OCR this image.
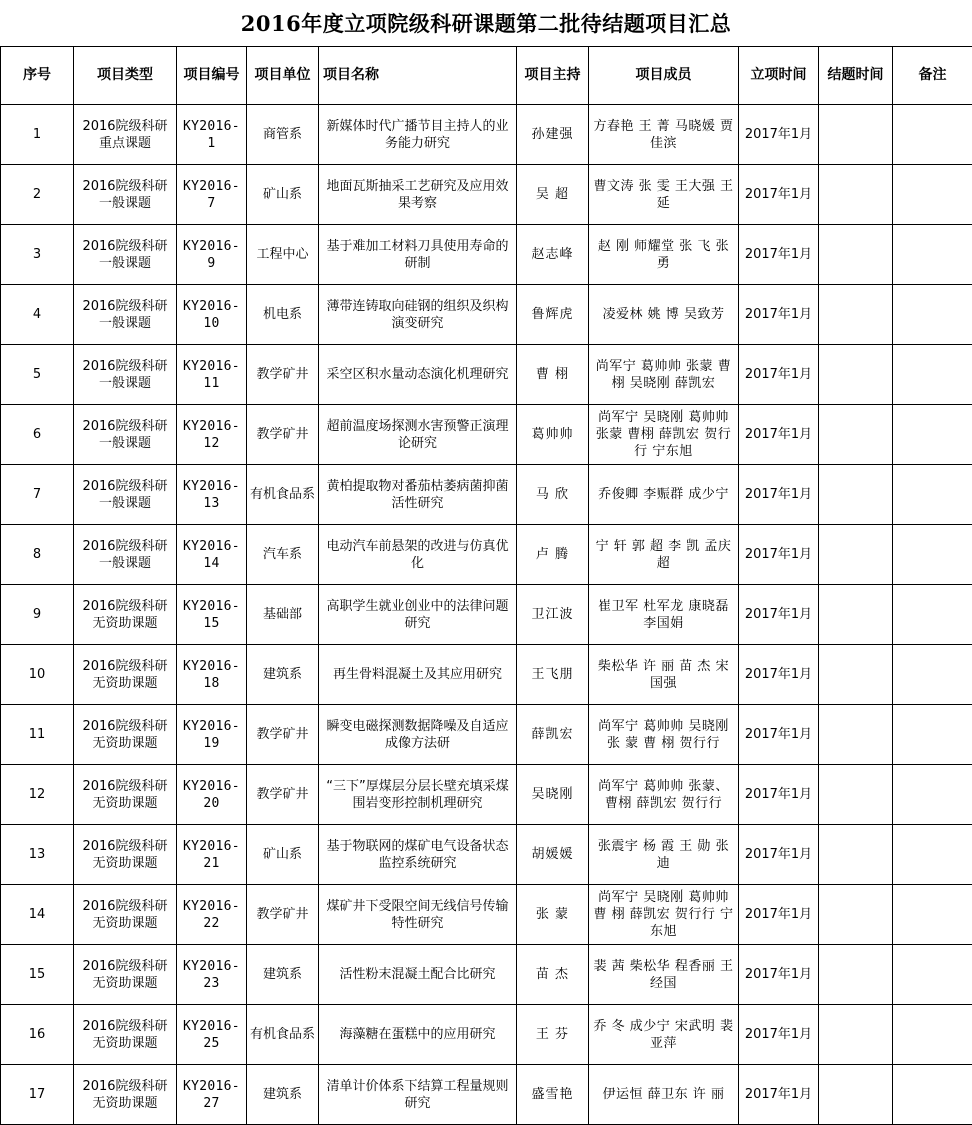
2016年度立项院级科研课题第二批待结题项目汇总
序号	项目类型	项目编号	项目单位	项目名称	项目主持	项目成员	立项时间	结题时间	备注

1	2016院级科研重点课题	KY2016-1	商管系	新媒体时代广播节目主持人的业务能力研究	孙建强	方春艳 王 菁 马晓媛 贾佳滨	2017年1月		

2	2016院级科研一般课题	KY2016-7	矿山系	地面瓦斯抽采工艺研究及应用效果考察	吴 超	曹文涛 张 雯 王大强 王 延	2017年1月		

3	2016院级科研一般课题	KY2016-9	工程中心	基于难加工材料刀具使用寿命的研制	赵志峰	赵 刚 师耀堂 张 飞 张勇	2017年1月		

4	2016院级科研一般课题	KY2016-10	机电系	薄带连铸取向硅钢的组织及织构演变研究	鲁辉虎	凌爱林 姚 博 吴致芳	2017年1月		

5	2016院级科研一般课题	KY2016-11	教学矿井	采空区积水量动态演化机理研究	曹 栩	尚军宁 葛帅帅 张蒙 曹 栩 吴晓刚 薛凯宏	2017年1月		

6	2016院级科研一般课题	KY2016-12	教学矿井	超前温度场探测水害预警正演理论研究	葛帅帅	尚军宁 吴晓刚 葛帅帅 张蒙 曹栩 薛凯宏 贺行行 宁东旭	2017年1月		

7	2016院级科研一般课题	KY2016-13	有机食品系	黄柏提取物对番茄枯萎病菌抑菌活性研究	马 欣	乔俊卿 李赈群 成少宁	2017年1月		

8	2016院级科研一般课题	KY2016-14	汽车系	电动汽车前悬架的改进与仿真优化	卢 腾	宁 轩 郭 超 李 凯 孟庆超	2017年1月		

9	2016院级科研无资助课题	KY2016-15	基础部	高职学生就业创业中的法律问题研究	卫江波	崔卫军 杜军龙 康晓磊 李国娟	2017年1月		

10	2016院级科研无资助课题	KY2016-18	建筑系	再生骨料混凝土及其应用研究	王飞朋	柴松华 许 丽 苗 杰 宋国强	2017年1月		

11	2016院级科研无资助课题	KY2016-19	教学矿井	瞬变电磁探测数据降噪及自适应成像方法研	薛凯宏	尚军宁 葛帅帅 吴晓刚 张 蒙 曹 栩 贺行行	2017年1月		

12	2016院级科研无资助课题	KY2016-20	教学矿井	“三下”厚煤层分层长壁充填采煤围岩变形控制机理研究	吴晓刚	尚军宁 葛帅帅 张蒙、曹栩 薛凯宏 贺行行	2017年1月		

13	2016院级科研无资助课题	KY2016-21	矿山系	基于物联网的煤矿电气设备状态监控系统研究	胡媛媛	张震宇 杨 霞 王 勋 张 迪	2017年1月		

14	2016院级科研无资助课题	KY2016-22	教学矿井	煤矿井下受限空间无线信号传输特性研究	张 蒙	尚军宁 吴晓刚 葛帅帅 曹 栩 薛凯宏 贺行行 宁东旭	2017年1月		

15	2016院级科研无资助课题	KY2016-23	建筑系	活性粉末混凝土配合比研究	苗 杰	裴 茜 柴松华 程香丽 王经国	2017年1月		

16	2016院级科研无资助课题	KY2016-25	有机食品系	海藻糖在蛋糕中的应用研究	王 芬	乔 冬 成少宁 宋武明 裴亚萍	2017年1月		

17	2016院级科研无资助课题	KY2016-27	建筑系	清单计价体系下结算工程量规则研究	盛雪艳	伊运恒 薛卫东 许 丽	2017年1月		
